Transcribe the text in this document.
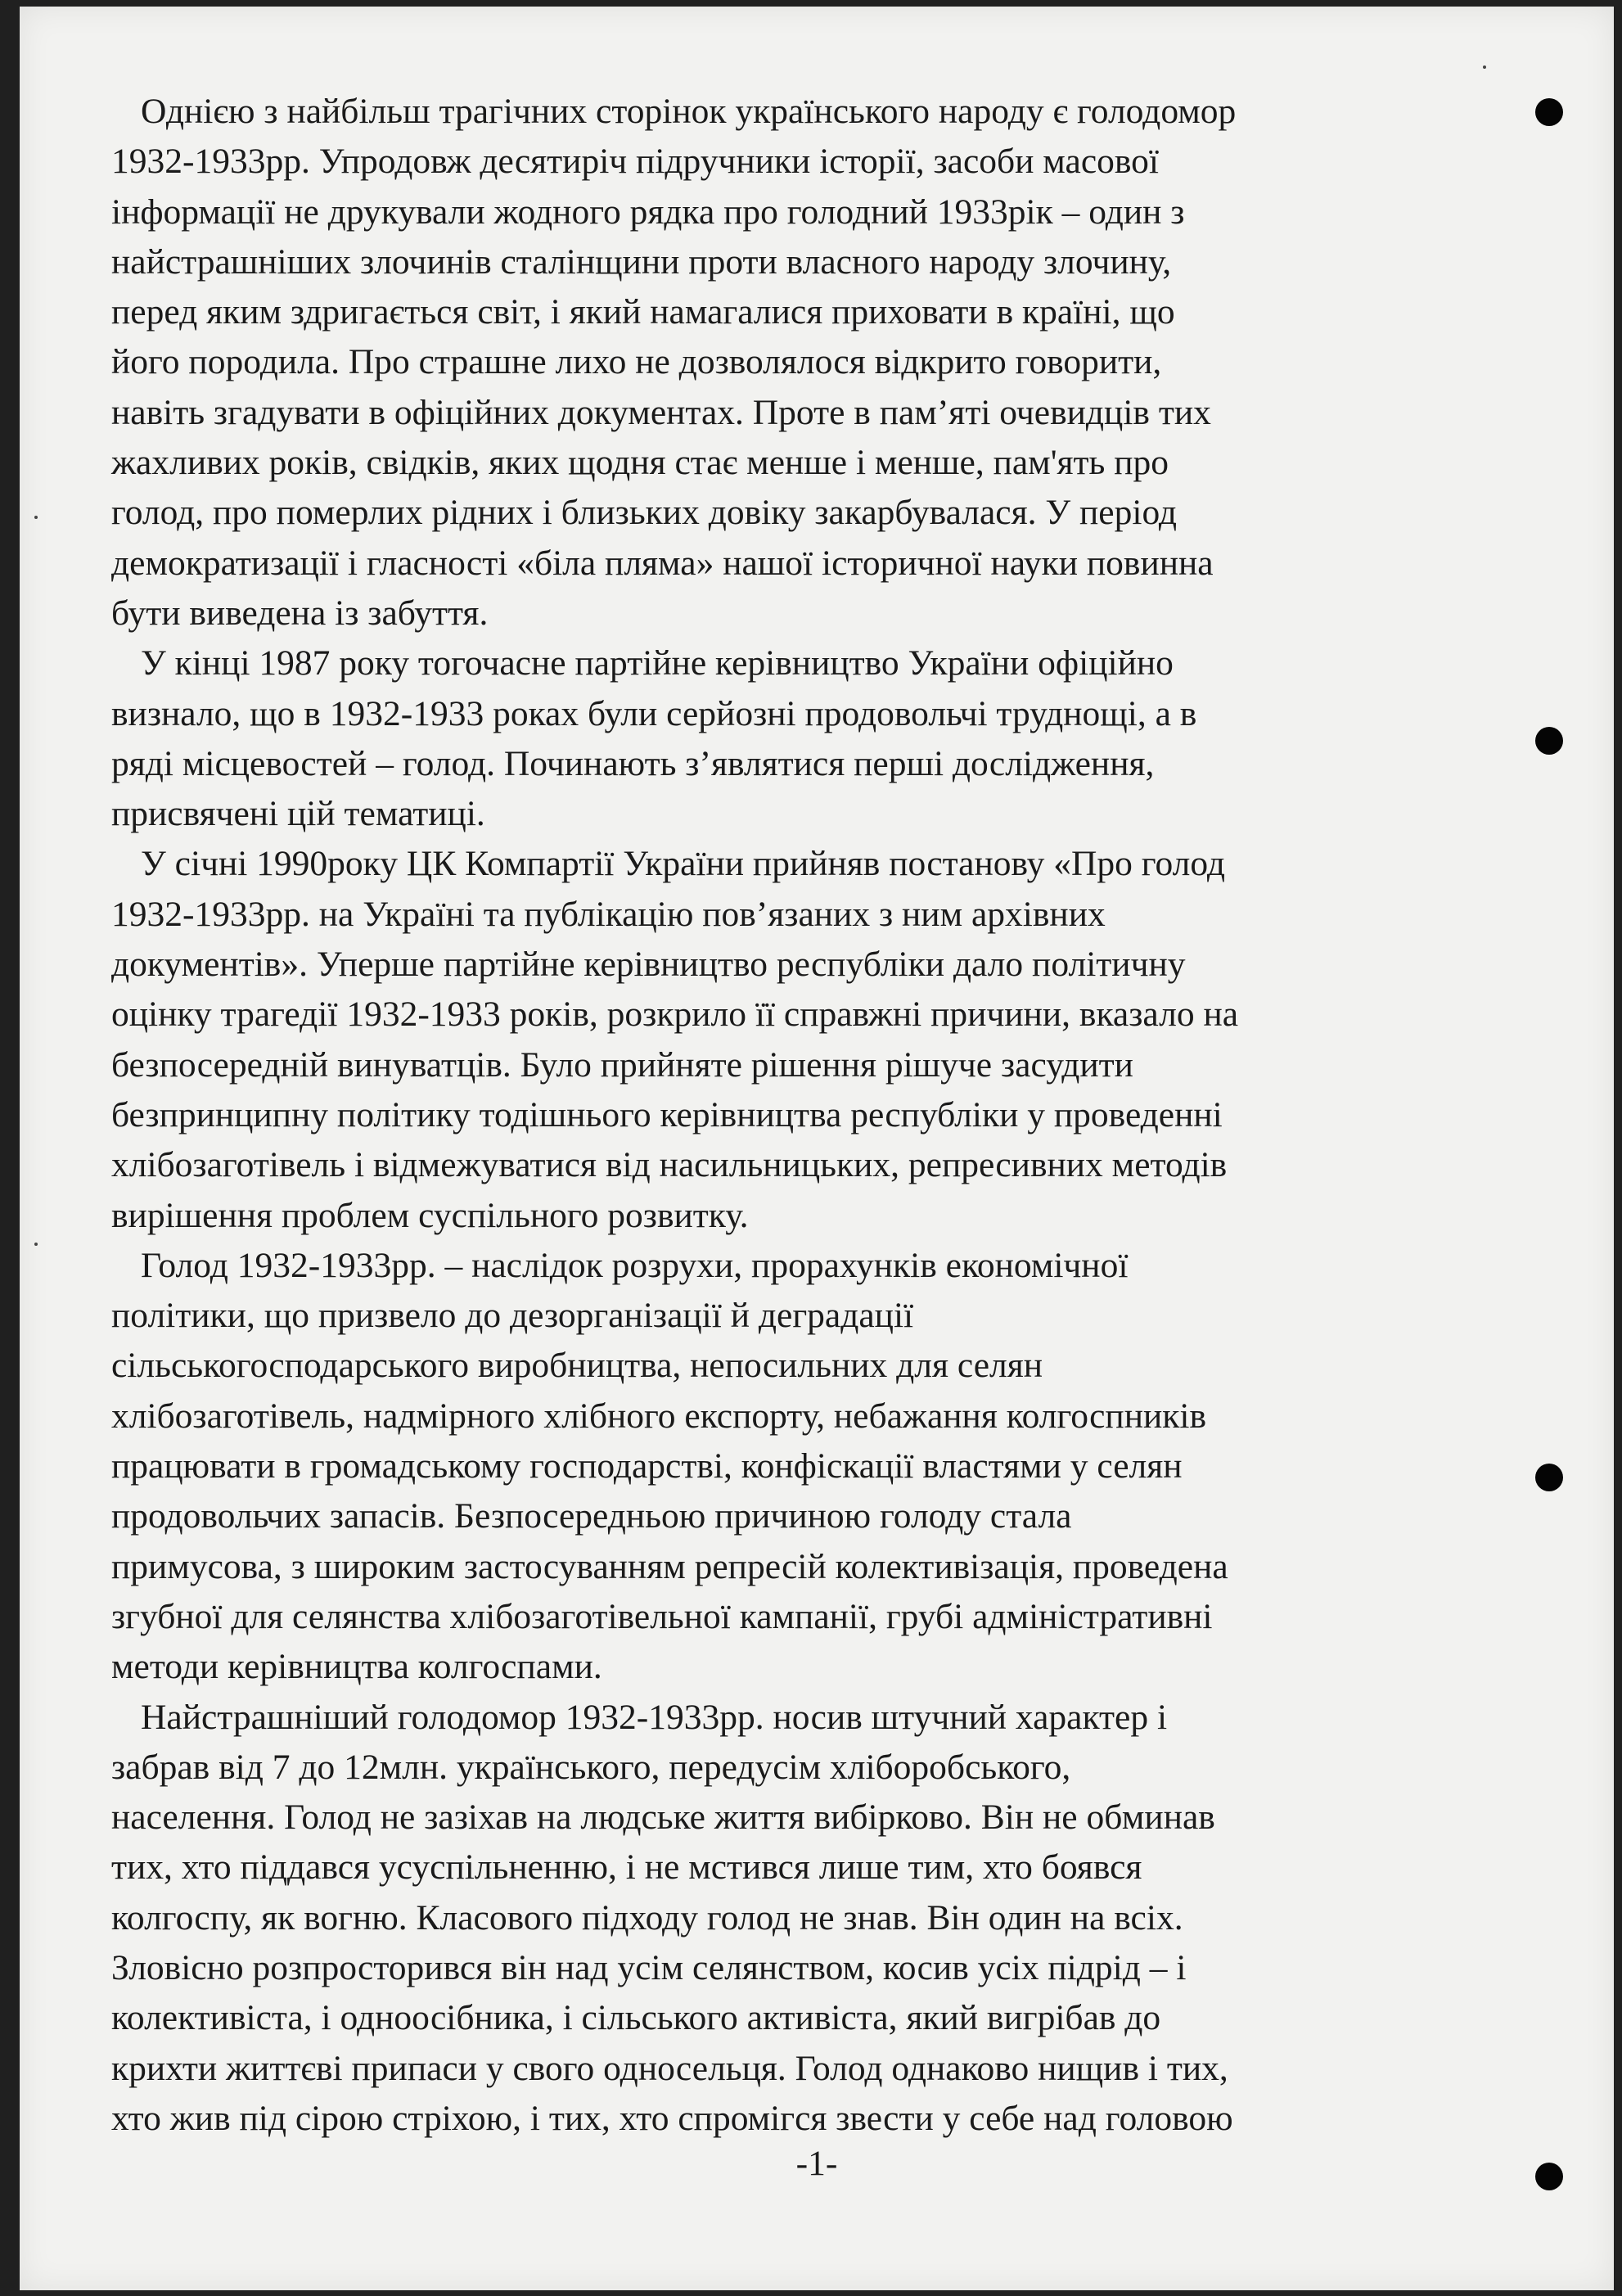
Однією з найбільш трагічних сторінок українського народу є голодомор
1932-1933рр. Упродовж десятиріч підручники історії, засоби масової
інформації не друкували жодного рядка про голодний 1933рік – один з
найстрашніших злочинів сталінщини проти власного народу злочину,
перед яким здригається світ, і який намагалися приховати в країні, що
його породила. Про страшне лихо не дозволялося відкрито говорити,
навіть згадувати в офіційних документах. Проте в пам’яті очевидців тих
жахливих років, свідків, яких щодня стає менше і менше, пам'ять про
голод, про померлих рідних і близьких довіку закарбувалася. У період
демократизації і гласності «біла пляма» нашої історичної науки повинна
бути виведена із забуття.
У кінці 1987 року тогочасне партійне керівництво України офіційно
визнало, що в 1932-1933 роках були серйозні продовольчі труднощі, а в
ряді місцевостей – голод. Починають з’являтися перші дослідження,
присвячені цій тематиці.
У січні 1990року ЦК Компартії України прийняв постанову «Про голод
1932-1933рр. на Україні та публікацію пов’язаних з ним архівних
документів». Уперше партійне керівництво республіки дало політичну
оцінку трагедії 1932-1933 років, розкрило її справжні причини, вказало на
безпосередній винуватців. Було прийняте рішення рішуче засудити
безпринципну політику тодішнього керівництва республіки у проведенні
хлібозаготівель і відмежуватися від насильницьких, репресивних методів
вирішення проблем суспільного розвитку.
Голод 1932-1933рр. – наслідок розрухи, прорахунків економічної
політики, що призвело до дезорганізації й деградації
сільськогосподарського виробництва, непосильних для селян
хлібозаготівель, надмірного хлібного експорту, небажання колгоспників
працювати в громадському господарстві, конфіскації властями у селян
продовольчих запасів. Безпосередньою причиною голоду стала
примусова, з широким застосуванням репресій колективізація, проведена
згубної для селянства хлібозаготівельної кампанії, грубі адміністративні
методи керівництва колгоспами.
Найстрашніший голодомор 1932-1933рр. носив штучний характер і
забрав від 7 до 12млн. українського, передусім хліборобського,
населення. Голод не зазіхав на людське життя вибірково. Він не обминав
тих, хто піддався усуспільненню, і не мстився лише тим, хто боявся
колгоспу, як вогню. Класового підходу голод не знав. Він один на всіх.
Зловісно розпросторився він над усім селянством, косив усіх підрід – і
колективіста, і одноосібника, і сільського активіста, який вигрібав до
крихти життєві припаси у свого односельця. Голод однаково нищив і тих,
хто жив під сірою стріхою, і тих, хто спромігся звести у себе над головою
-1-
